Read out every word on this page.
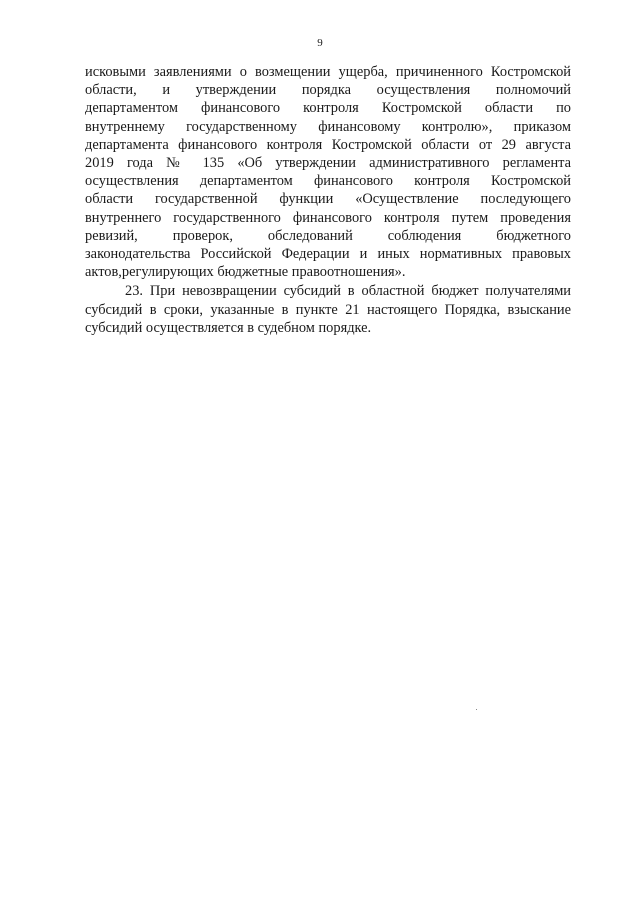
9
исковыми заявлениями о возмещении ущерба, причиненного Костромской
области, и утверждении порядка осуществления полномочий
департаментом финансового контроля Костромской области по
внутреннему государственному финансовому контролю», приказом
департамента финансового контроля Костромской области от 29 августа
2019 года № 135 «Об утверждении административного регламента
осуществления департаментом финансового контроля Костромской
области государственной функции «Осуществление последующего
внутреннего государственного финансового контроля путем проведения
ревизий, проверок, обследований соблюдения бюджетного
законодательства Российской Федерации и иных нормативных правовых
актов,регулирующих бюджетные правоотношения».
23. При невозвращении субсидий в областной бюджет получателями
субсидий в сроки, указанные в пункте 21 настоящего Порядка, взыскание
субсидий осуществляется в судебном порядке.
